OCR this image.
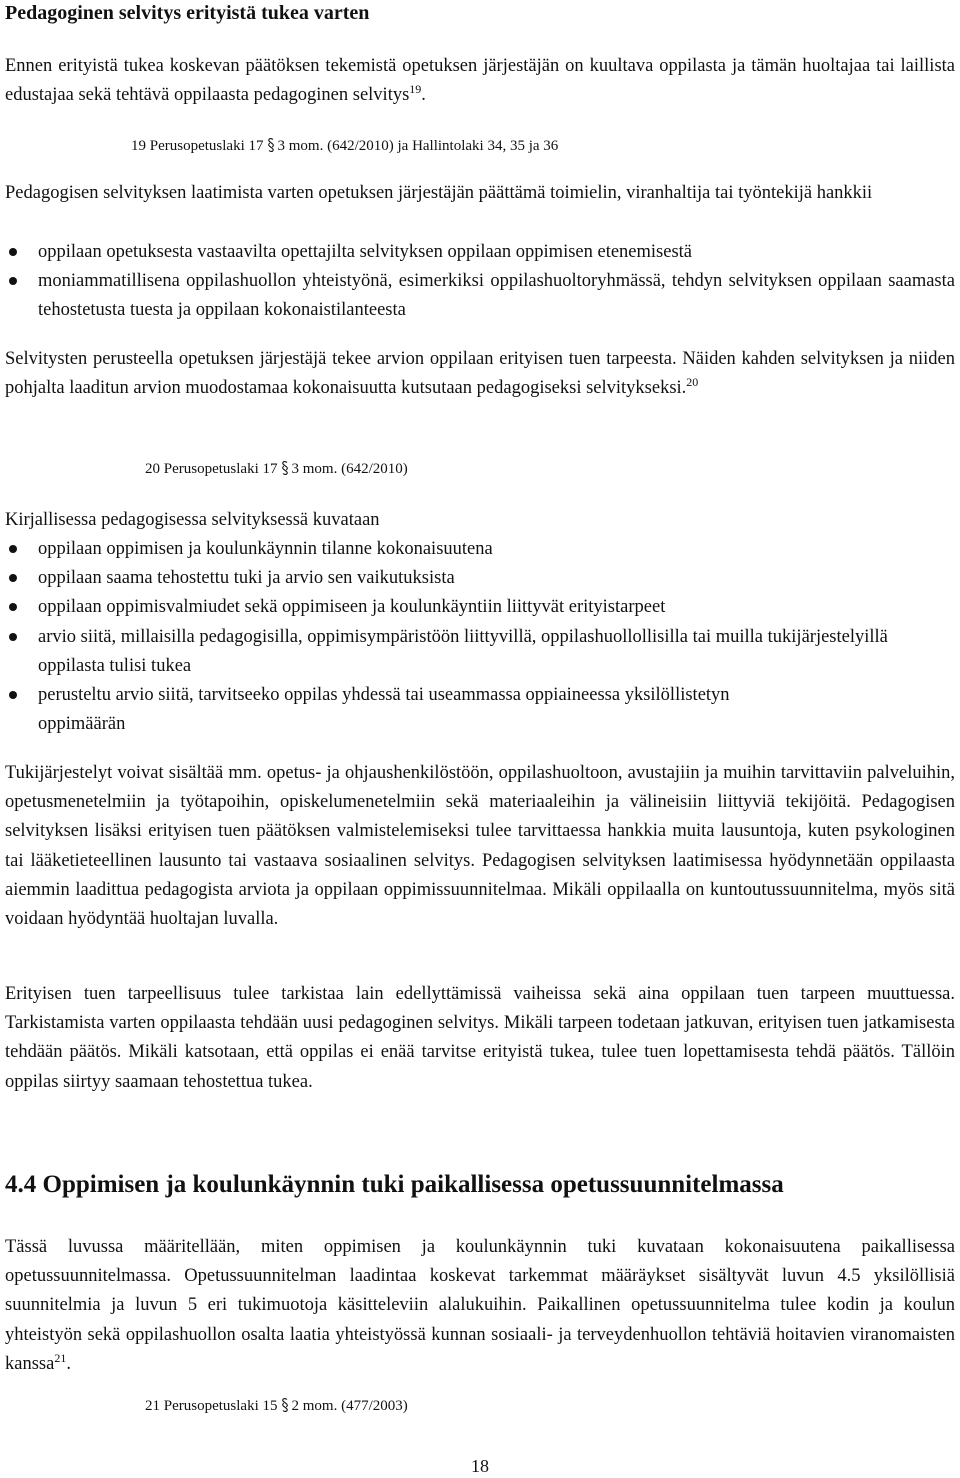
Pedagoginen selvitys erityistä tukea varten
Ennen erityistä tukea koskevan päätöksen tekemistä opetuksen järjestäjän on kuultava oppilasta ja tämän huoltajaa tai laillista edustajaa sekä tehtävä oppilaasta pedagoginen selvitys$^{19}$.
19 Perusopetuslaki 17 3 mom. (642/2010) ja Hallintolaki 34, 35 ja 36
Pedagogisen selvityksen laatimista varten opetuksen järjestäjän päättämä toimielin, viranhaltija tai työntekijä hankkii
oppilaan opetuksesta vastaavilta opettajilta selvityksen oppilaan oppimisen etenemisestä
moniammatillisena oppilashuollon yhteistyönä, esimerkiksi oppilashuoltoryhmässä, tehdyn selvityksen oppilaan saamasta tehostetusta tuesta ja oppilaan kokonaistilanteesta
Selvitysten perusteella opetuksen järjestäjä tekee arvion oppilaan erityisen tuen tarpeesta. Näiden kahden selvityksen ja niiden pohjalta laaditun arvion muodostamaa kokonaisuutta kutsutaan pedagogiseksi selvitykseksi.$^{20}$
20 Perusopetuslaki 17 3 mom. (642/2010)
Kirjallisessa pedagogisessa selvityksessä kuvataan
oppilaan oppimisen ja koulunkäynnin tilanne kokonaisuutena
oppilaan saama tehostettu tuki ja arvio sen vaikutuksista
oppilaan oppimisvalmiudet sekä oppimiseen ja koulunkäyntiin liittyvät erityistarpeet
arvio siitä, millaisilla pedagogisilla, oppimisympäristöön liittyvillä, oppilashuollollisilla tai muilla tukijärjestelyillä oppilasta tulisi tukea
perusteltu arvio siitä, tarvitseeko oppilas yhdessä tai useammassa oppiaineessa yksilöllistetyn oppimäärän
Tukijärjestelyt voivat sisältää mm. opetus- ja ohjaushenkilöstöön, oppilashuoltoon, avustajiin ja muihin tarvittaviin palveluihin, opetusmenetelmiin ja työtapoihin, opiskelumenetelmiin sekä materiaaleihin ja välineisiin liittyviä tekijöitä. Pedagogisen selvityksen lisäksi erityisen tuen päätöksen valmistelemiseksi tulee tarvittaessa hankkia muita lausuntoja, kuten psykologinen tai lääketieteellinen lausunto tai vastaava sosiaalinen selvitys. Pedagogisen selvityksen laatimisessa hyödynnetään oppilaasta aiemmin laadittua pedagogista arviota ja oppilaan oppimissuunnitelmaa. Mikäli oppilaalla on kuntoutussuunnitelma, myös sitä voidaan hyödyntää huoltajan luvalla.
Erityisen tuen tarpeellisuus tulee tarkistaa lain edellyttämissä vaiheissa sekä aina oppilaan tuen tarpeen muuttuessa. Tarkistamista varten oppilaasta tehdään uusi pedagoginen selvitys. Mikäli tarpeen todetaan jatkuvan, erityisen tuen jatkamisesta tehdään päätös. Mikäli katsotaan, että oppilas ei enää tarvitse erityistä tukea, tulee tuen lopettamisesta tehdä päätös. Tällöin oppilas siirtyy saamaan tehostettua tukea.
4.4 Oppimisen ja koulunkäynnin tuki paikallisessa opetussuunnitelmassa
Tässä luvussa määritellään, miten oppimisen ja koulunkäynnin tuki kuvataan kokonaisuutena paikallisessa opetussuunnitelmassa. Opetussuunnitelman laadintaa koskevat tarkemmat määräykset sisältyvät luvun 4.5 yksilöllisiä suunnitelmia ja luvun 5 eri tukimuotoja käsitteleviin alalukuihin. Paikallinen opetussuunnitelma tulee kodin ja koulun yhteistyön sekä oppilashuollon osalta laatia yhteistyössä kunnan sosiaali- ja terveydenhuollon tehtäviä hoitavien viranomaisten kanssa$^{21}$.
21 Perusopetuslaki 15 2 mom. (477/2003)
18
